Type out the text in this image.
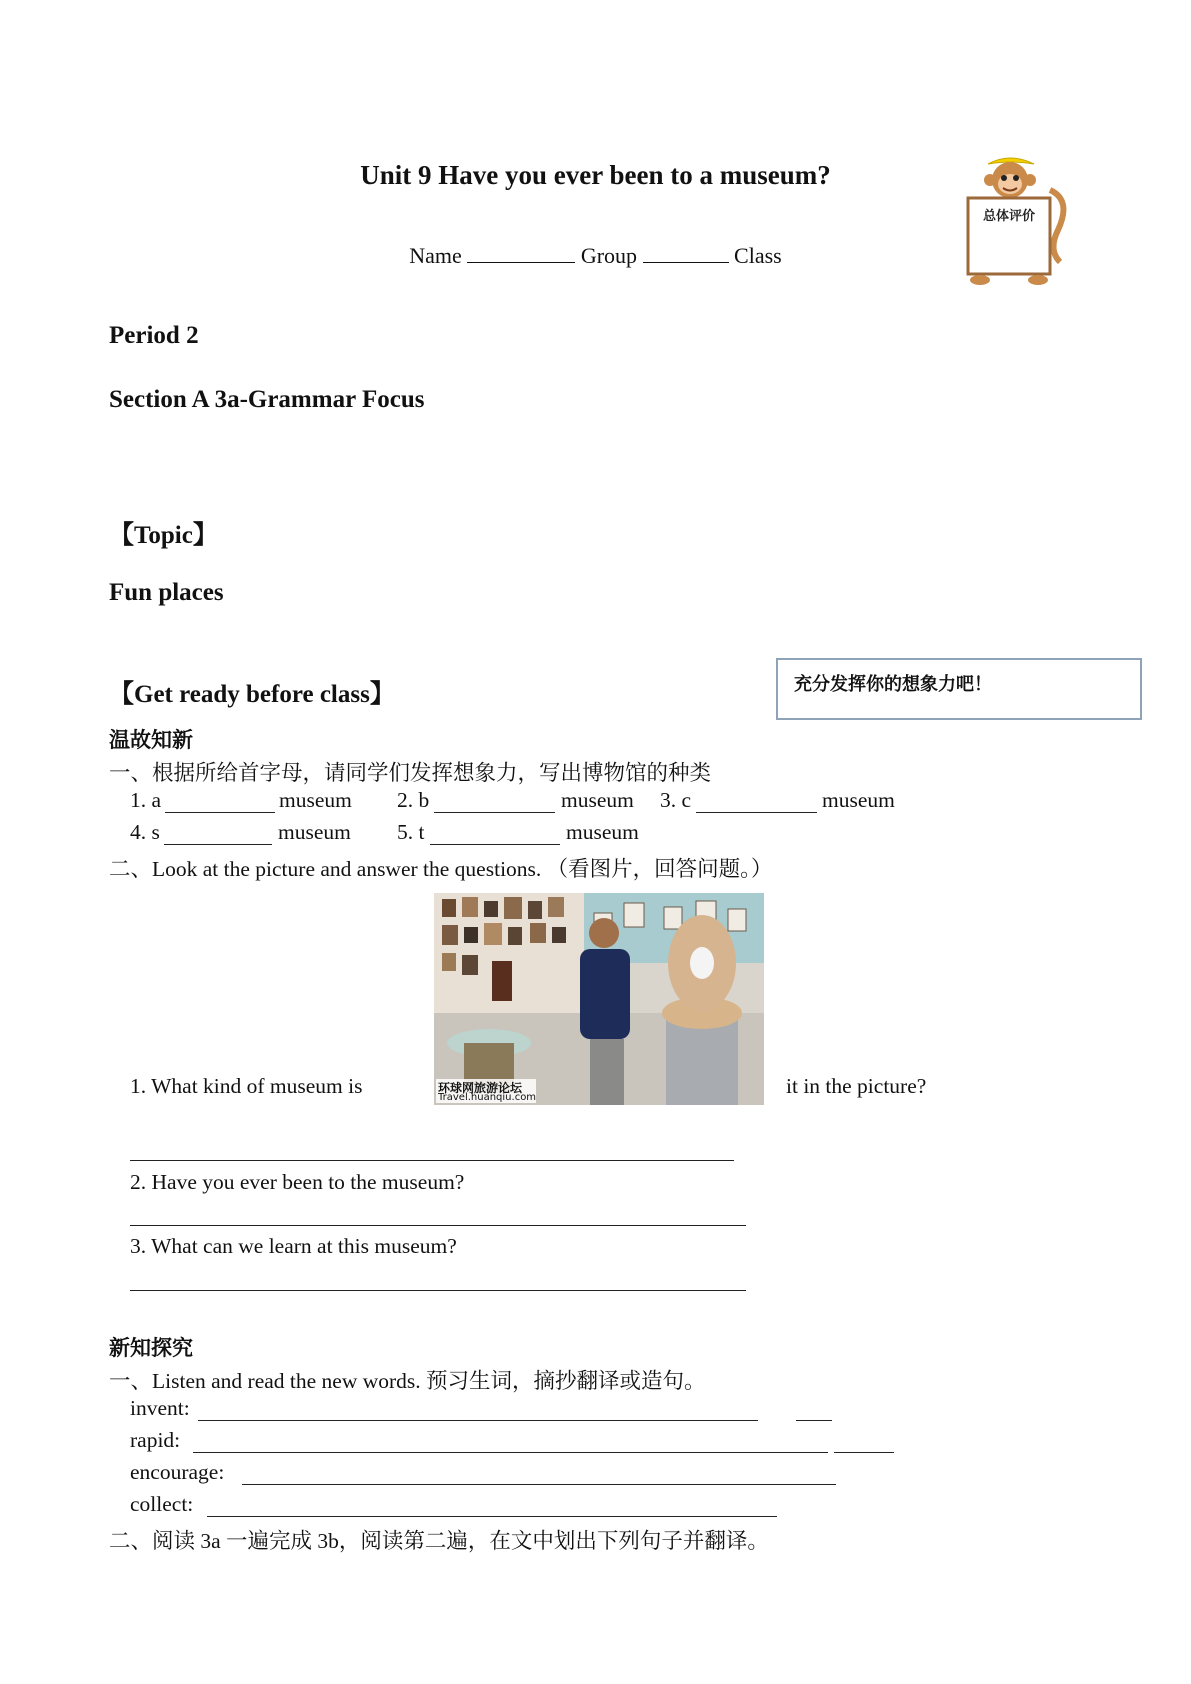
Unit 9 Have you ever been to a museum?
Name	Group	Class
总体评价
Period 2
Section A 3a-Grammar Focus
【Topic】
Fun places
【Get ready before class】	充分发挥你的想象力吧！
温故知新
一、根据所给首字母，请同学们发挥想象力，写出博物馆的种类
1. a	museum 2. b	museum 3. c	museum
4. s	museum 5. t	museum
二、Look at the picture and answer the questions. （看图片，回答问题。）
环球网旅游论坛
Travel.huanqiu.com
1. What kind of museum is	it in the picture?
2. Have you ever been to the museum?
3. What can we learn at this museum?
新知探究
一、Listen and read the new words. 预习生词，摘抄翻译或造句。
invent:
rapid:
encourage:
collect:
二、阅读 3a 一遍完成 3b，阅读第二遍，在文中划出下列句子并翻译。
